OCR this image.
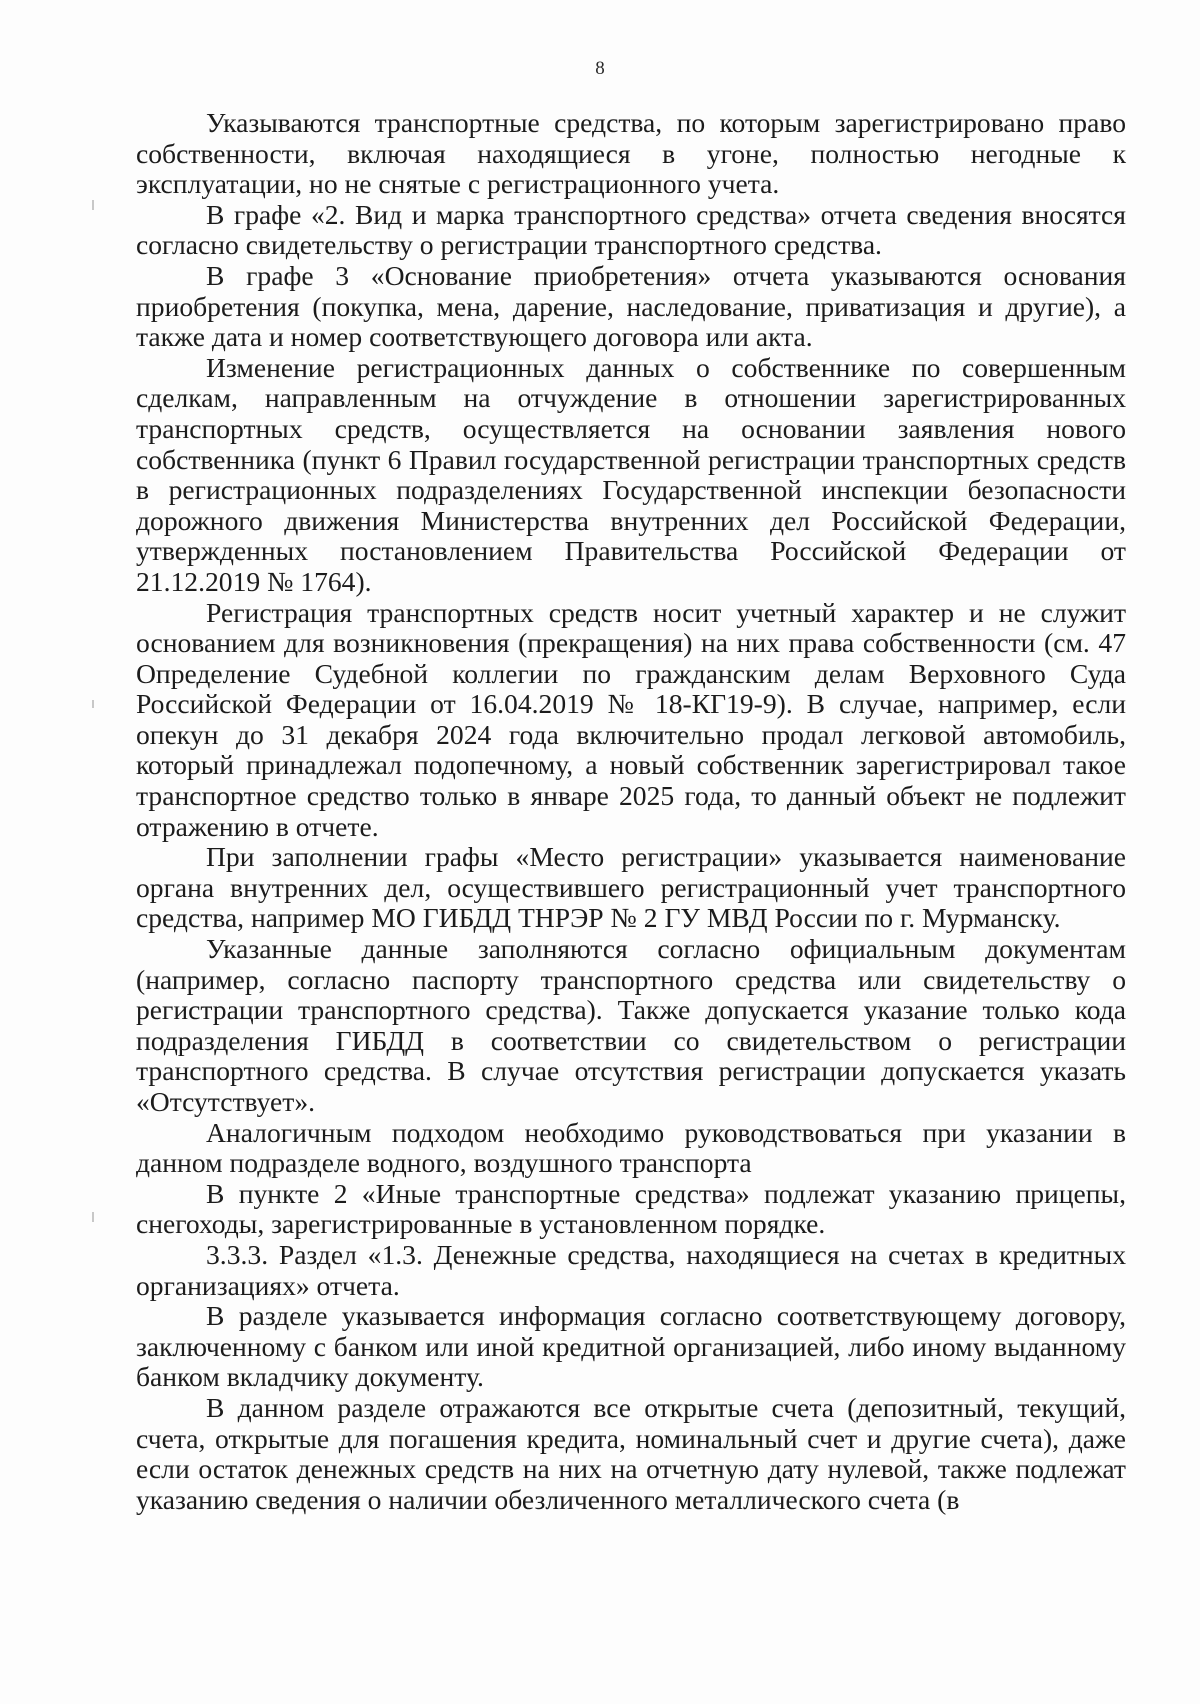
8

Указываются транспортные средства, по которым зарегистрировано право собственности, включая находящиеся в угоне, полностью негодные к эксплуатации, но не снятые с регистрационного учета.

В графе «2. Вид и марка транспортного средства» отчета сведения вносятся согласно свидетельству о регистрации транспортного средства.

В графе 3 «Основание приобретения» отчета указываются основания приобретения (покупка, мена, дарение, наследование, приватизация и другие), а также дата и номер соответствующего договора или акта.

Изменение регистрационных данных о собственнике по совершенным сделкам, направленным на отчуждение в отношении зарегистрированных транспортных средств, осуществляется на основании заявления нового собственника (пункт 6 Правил государственной регистрации транспортных средств в регистрационных подразделениях Государственной инспекции безопасности дорожного движения Министерства внутренних дел Российской Федерации, утвержденных постановлением Правительства Российской Федерации от 21.12.2019 № 1764).

Регистрация транспортных средств носит учетный характер и не служит основанием для возникновения (прекращения) на них права собственности (см. 47 Определение Судебной коллегии по гражданским делам Верховного Суда Российской Федерации от 16.04.2019 № 18-КГ19-9). В случае, например, если опекун до 31 декабря 2024 года включительно продал легковой автомобиль, который принадлежал подопечному, а новый собственник зарегистрировал такое транспортное средство только в январе 2025 года, то данный объект не подлежит отражению в отчете.

При заполнении графы «Место регистрации» указывается наименование органа внутренних дел, осуществившего регистрационный учет транспортного средства, например МО ГИБДД ТНРЭР № 2 ГУ МВД России по г. Мурманску.

Указанные данные заполняются согласно официальным документам (например, согласно паспорту транспортного средства или свидетельству о регистрации транспортного средства). Также допускается указание только кода подразделения ГИБДД в соответствии со свидетельством о регистрации транспортного средства. В случае отсутствия регистрации допускается указать «Отсутствует».

Аналогичным подходом необходимо руководствоваться при указании в данном подразделе водного, воздушного транспорта

В пункте 2 «Иные транспортные средства» подлежат указанию прицепы, снегоходы, зарегистрированные в установленном порядке.

3.3.3. Раздел «1.3. Денежные средства, находящиеся на счетах в кредитных организациях» отчета.

В разделе указывается информация согласно соответствующему договору, заключенному с банком или иной кредитной организацией, либо иному выданному банком вкладчику документу.

В данном разделе отражаются все открытые счета (депозитный, текущий, счета, открытые для погашения кредита, номинальный счет и другие счета), даже если остаток денежных средств на них на отчетную дату нулевой, также подлежат указанию сведения о наличии обезличенного металлического счета (в
